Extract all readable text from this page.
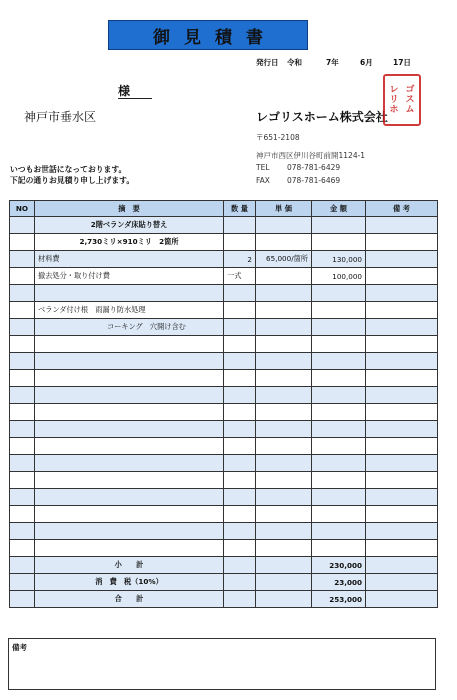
御見積書
発行日 令和	7年	6月	17日
様
神戸市垂水区	レゴリスホーム株式会社
レ ゴ
リ ス
ホ ム
〒651-2108
神戸市西区伊川谷町前開1124-1
TEL 078-781-6429
FAX 078-781-6469
いつもお世話になっております。
下記の通りお見積り申し上げます。
NO	摘　要	数 量	単 価	金 額	備 考
	2階ベランダ床貼り替え				
	2,730ミリ×910ミリ　2箇所				
	材料費	2	65,000/箇所	130,000	
	撤去処分・取り付け費	一式		100,000	

	ベランダ付け根　雨漏り防水処理				
	コーキング　穴開け含む				

	小　　計			230,000	
	消　費　税（10%）			23,000	
	合　　計			253,000	
備考
